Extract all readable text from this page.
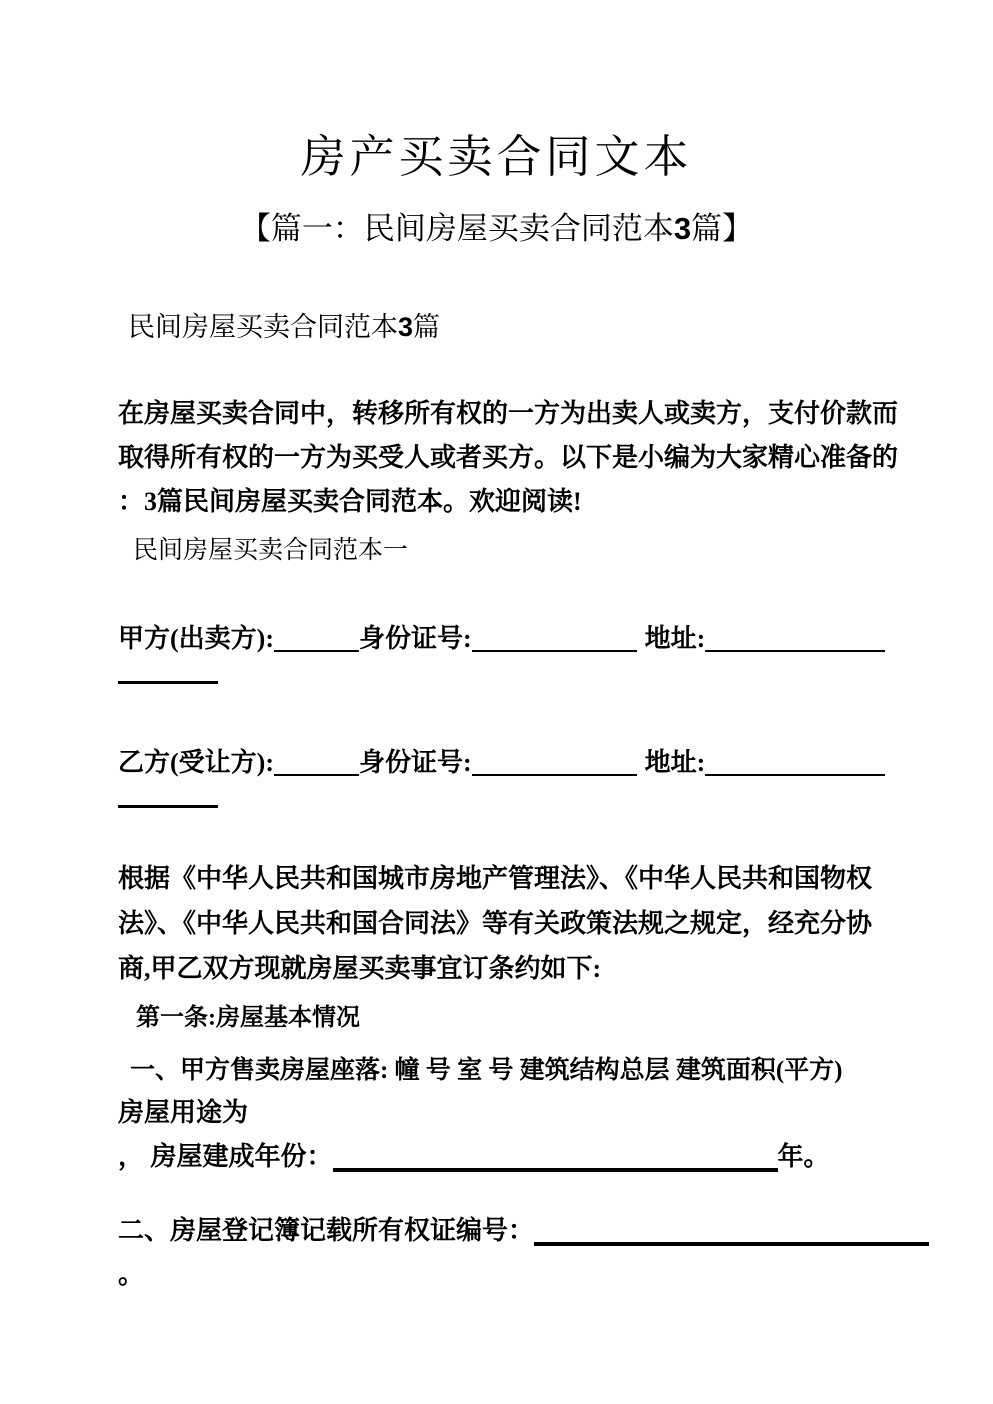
房产买卖合同文本
【篇一：民间房屋买卖合同范本3篇】
民间房屋买卖合同范本3篇
在房屋买卖合同中，转移所有权的一方为出卖人或卖方，支付价款而
取得所有权的一方为买受人或者买方。以下是小编为大家精心准备的
：3篇民间房屋买卖合同范本。欢迎阅读!
民间房屋买卖合同范本一
甲方(出卖方):	身份证号:	地址:
乙方(受让方):	身份证号:	地址:
根据《中华人民共和国城市房地产管理法》、《中华人民共和国物权
法》、《中华人民共和国合同法》等有关政策法规之规定，经充分协
商,甲乙双方现就房屋买卖事宜订条约如下:
第一条:房屋基本情况
一、甲方售卖房屋座落: 幢 号 室 号 建筑结构总层 建筑面积(平方)
房屋用途为
， 房屋建成年份：	年。
二、房屋登记簿记载所有权证编号：
。
